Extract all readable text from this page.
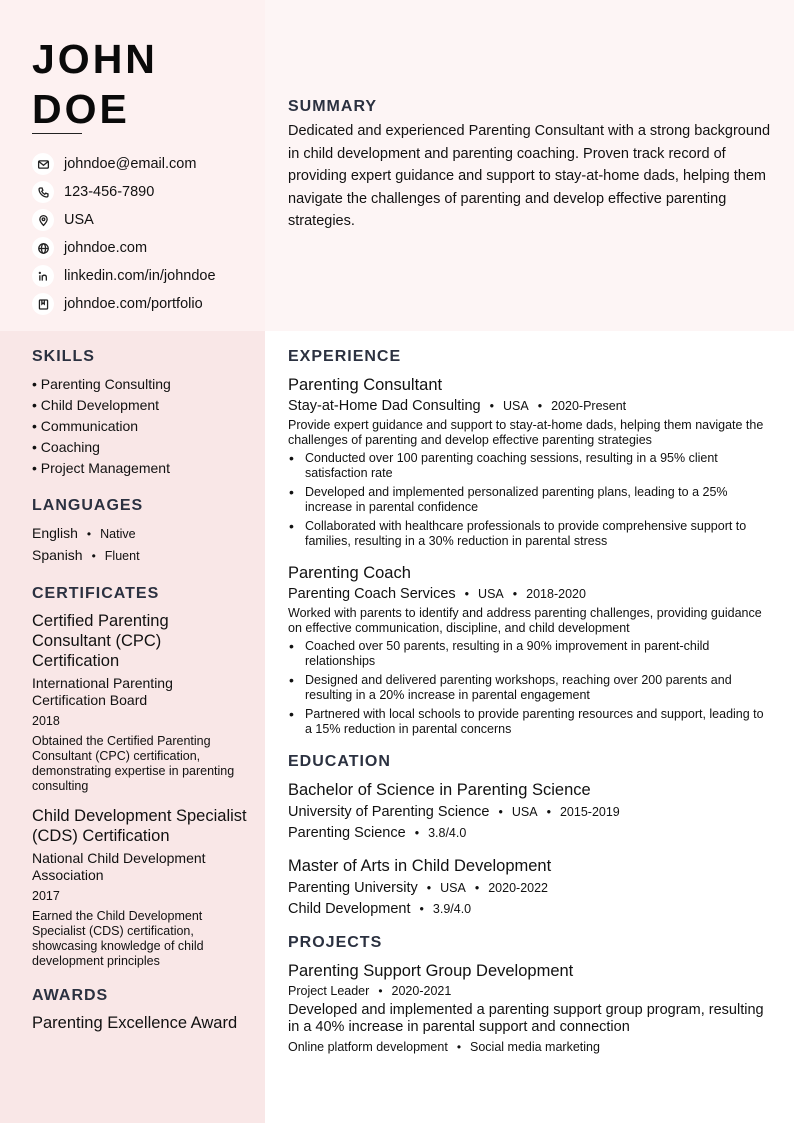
JOHN
DOE
johndoe@email.com
123-456-7890
USA
johndoe.com
linkedin.com/in/johndoe
johndoe.com/portfolio
SUMMARY
Dedicated and experienced Parenting Consultant with a strong background in child development and parenting coaching. Proven track record of providing expert guidance and support to stay-at-home dads, helping them navigate the challenges of parenting and develop effective parenting strategies.
SKILLS
• Parenting Consulting
• Child Development
• Communication
• Coaching
• Project Management
LANGUAGES
English • Native
Spanish • Fluent
CERTIFICATES
Certified Parenting Consultant (CPC) Certification
International Parenting Certification Board
2018
Obtained the Certified Parenting Consultant (CPC) certification, demonstrating expertise in parenting consulting
Child Development Specialist (CDS) Certification
National Child Development Association
2017
Earned the Child Development Specialist (CDS) certification, showcasing knowledge of child development principles
AWARDS
Parenting Excellence Award
EXPERIENCE
Parenting Consultant
Stay-at-Home Dad Consulting • USA • 2020-Present
Provide expert guidance and support to stay-at-home dads, helping them navigate the challenges of parenting and develop effective parenting strategies
• Conducted over 100 parenting coaching sessions, resulting in a 95% client satisfaction rate
• Developed and implemented personalized parenting plans, leading to a 25% increase in parental confidence
• Collaborated with healthcare professionals to provide comprehensive support to families, resulting in a 30% reduction in parental stress
Parenting Coach
Parenting Coach Services • USA • 2018-2020
Worked with parents to identify and address parenting challenges, providing guidance on effective communication, discipline, and child development
• Coached over 50 parents, resulting in a 90% improvement in parent-child relationships
• Designed and delivered parenting workshops, reaching over 200 parents and resulting in a 20% increase in parental engagement
• Partnered with local schools to provide parenting resources and support, leading to a 15% reduction in parental concerns
EDUCATION
Bachelor of Science in Parenting Science
University of Parenting Science • USA • 2015-2019
Parenting Science • 3.8/4.0
Master of Arts in Child Development
Parenting University • USA • 2020-2022
Child Development • 3.9/4.0
PROJECTS
Parenting Support Group Development
Project Leader • 2020-2021
Developed and implemented a parenting support group program, resulting in a 40% increase in parental support and connection
Online platform development • Social media marketing
